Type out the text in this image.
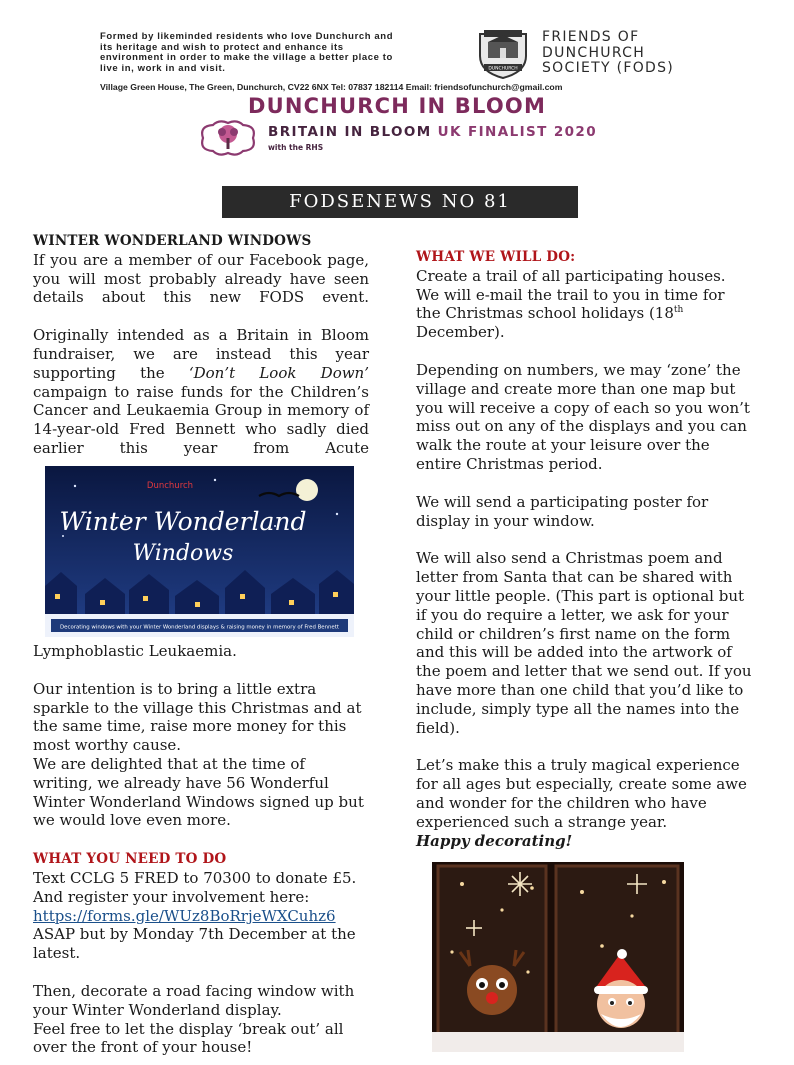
Formed by likeminded residents who love Dunchurch and its heritage and wish to protect and enhance its environment in order to make the village a better place to live in, work in and visit.	DUNCHURCH
FRIENDS OF
DUNCHURCH
SOCIETY (FODS)
Village Green House, The Green, Dunchurch, CV22 6NX Tel: 07837 182114 Email: friendsofunchurch@gmail.com
DUNCHURCH IN BLOOM
BRITAIN IN BLOOM UK FINALIST 2020
with the RHS
FODSENEWS NO 81

WINTER WONDERLAND WINDOWS

If you are a member of our Facebook page, you will most probably already have seen details about this new FODS event.

Originally intended as a Britain in Bloom fundraiser, we are instead this year supporting the ‘Don’t Look Down’ campaign to raise funds for the Children’s Cancer and Leukaemia Group in memory of 14-year-old Fred Bennett who sadly died earlier this year from Acute

Dunchurch
Winter Wonderland
Windows
Decorating windows with your Winter Wonderland displays & raising money in memory of Fred Bennett

Lymphoblastic Leukaemia.

Our intention is to bring a little extra sparkle to the village this Christmas and at the same time, raise more money for this most worthy cause.

We are delighted that at the time of writing, we already have 56 Wonderful Winter Wonderland Windows signed up but we would love even more.

WHAT YOU NEED TO DO

Text CCLG 5 FRED to 70300 to donate £5.

And register your involvement here:

https://forms.gle/WUz8BoRrjeWXCuhz6

ASAP but by Monday 7th December at the latest.

Then, decorate a road facing window with your Winter Wonderland display.

Feel free to let the display ‘break out’ all over the front of your house!

WHAT WE WILL DO:

Create a trail of all participating houses. We will e-mail the trail to you in time for the Christmas school holidays (18th December).

Depending on numbers, we may ‘zone’ the village and create more than one map but you will receive a copy of each so you won’t miss out on any of the displays and you can walk the route at your leisure over the entire Christmas period.

We will send a participating poster for display in your window.

We will also send a Christmas poem and letter from Santa that can be shared with your little people. (This part is optional but if you do require a letter, we ask for your child or children’s first name on the form and this will be added into the artwork of the poem and letter that we send out. If you have more than one child that you’d like to include, simply type all the names into the field).

Let’s make this a truly magical experience for all ages but especially, create some awe and wonder for the children who have experienced such a strange year.

Happy decorating!
